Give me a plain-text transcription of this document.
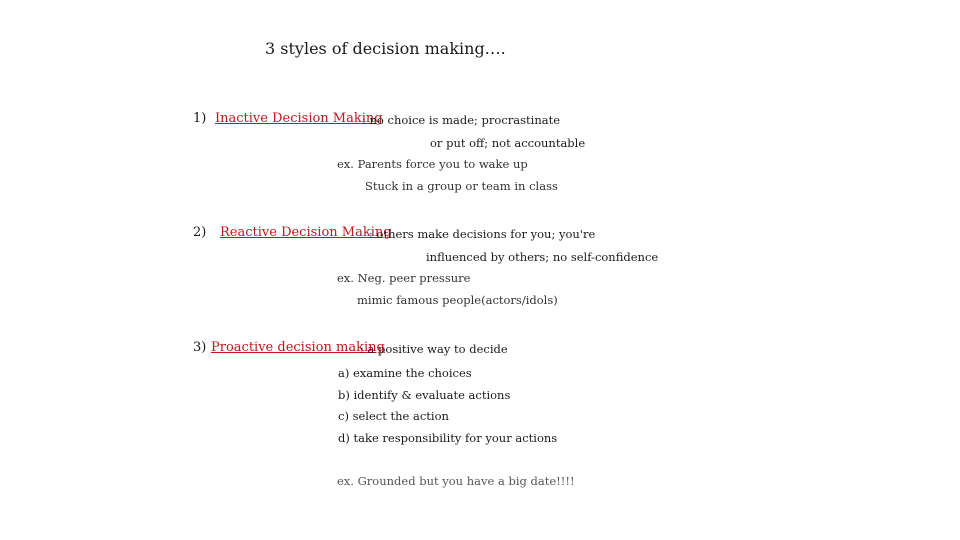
3 styles of decision making….
1) Inactive Decision Making
: no choice is made; procrastinate
or put off; not accountable
ex. Parents force you to wake up
Stuck in a group or team in class
2) Reactive Decision Making
: others make decisions for you; you're
influenced by others; no self-confidence
ex. Neg. peer pressure
mimic famous people(actors/idols)
3) Proactive decision making
: a positive way to decide
a) examine the choices
b) identify & evaluate actions
c) select the action
d) take responsibility for your actions
ex. Grounded but you have a big date!!!!
